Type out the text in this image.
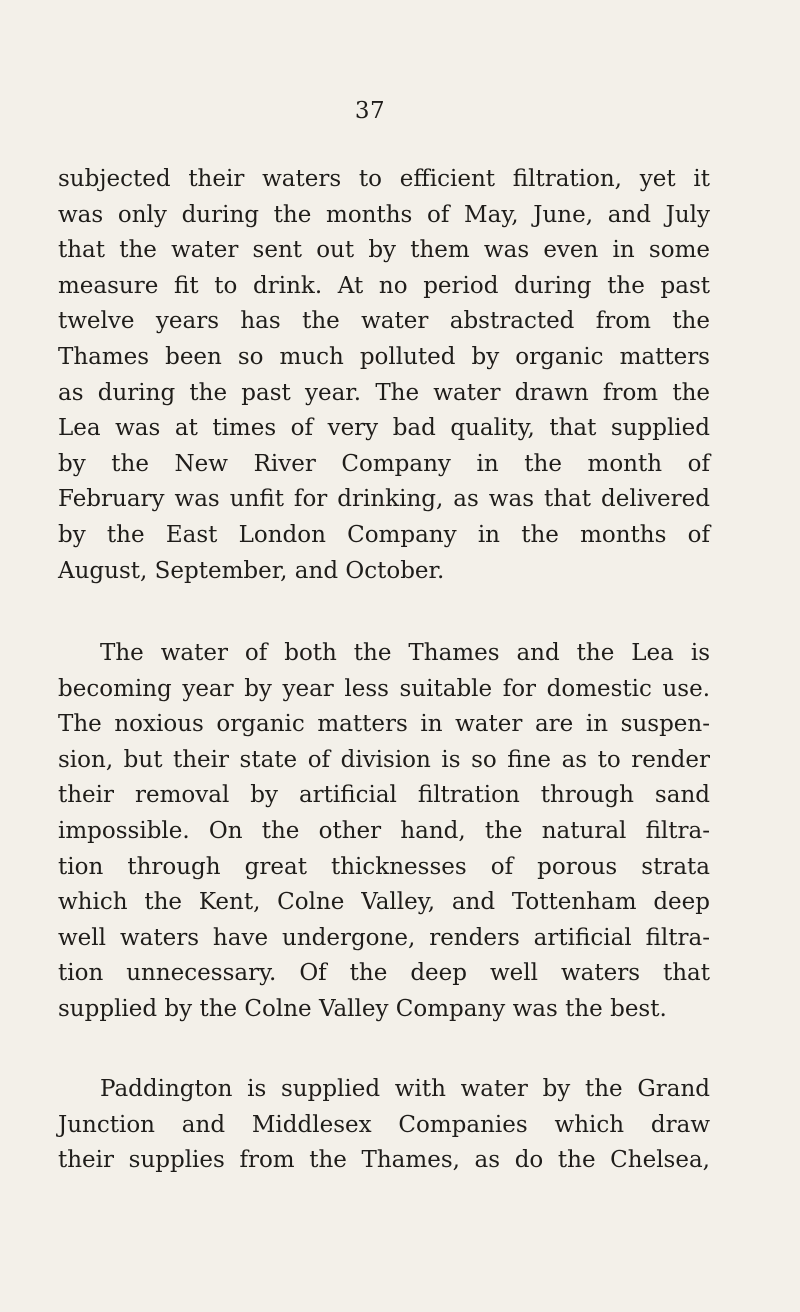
37

subjected their waters to efficient filtration, yet it
was only during the months of May, June, and July
that the water sent out by them was even in some
measure fit to drink. At no period during the past
twelve years has the water abstracted from the
Thames been so much polluted by organic matters
as during the past year. The water drawn from the
Lea was at times of very bad quality, that supplied
by the New River Company in the month of
February was unfit for drinking, as was that delivered
by the East London Company in the months of
August, September, and October.

The water of both the Thames and the Lea is
becoming year by year less suitable for domestic use.
The noxious organic matters in water are in suspen-
sion, but their state of division is so fine as to render
their removal by artificial filtration through sand
impossible. On the other hand, the natural filtra-
tion through great thicknesses of porous strata
which the Kent, Colne Valley, and Tottenham deep
well waters have undergone, renders artificial filtra-
tion unnecessary. Of the deep well waters that
supplied by the Colne Valley Company was the best.

Paddington is supplied with water by the Grand
Junction and Middlesex Companies which draw
their supplies from the Thames, as do the Chelsea,
